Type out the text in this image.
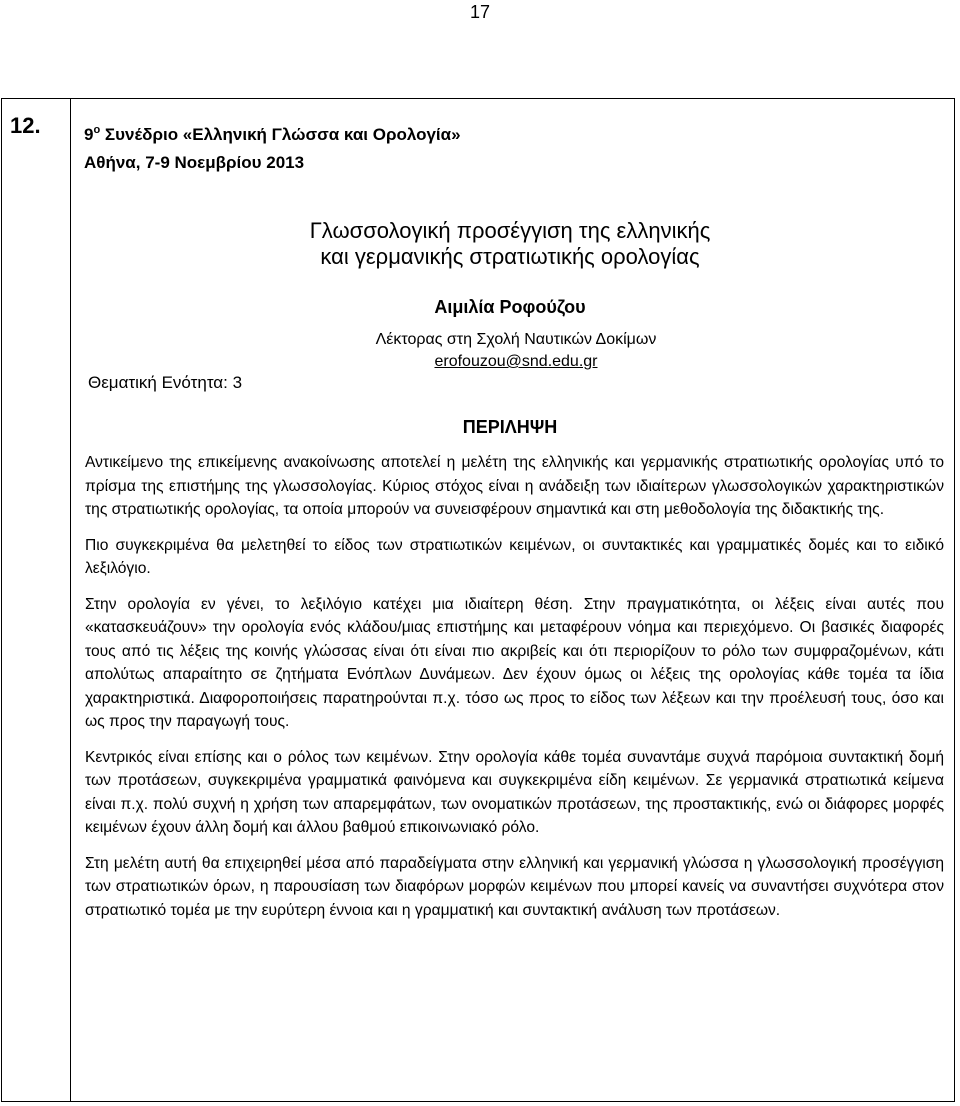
17
12.	$9^o$ Συνέδριο «Ελληνική Γλώσσα και Ορολογία»
Αθήνα, 7-9 Νοεμβρίου 2013
Γλωσσολογική προσέγγιση της ελληνικής
και γερμανικής στρατιωτικής ορολογίας
Αιμιλία Ροφούζου
Λέκτορας στη Σχολή Ναυτικών Δοκίμων
erofouzou@snd.edu.gr
Θεματική Ενότητα: 3
ΠΕΡΙΛΗΨΗ

Αντικείμενο της επικείμενης ανακοίνωσης αποτελεί η μελέτη της ελληνικής και γερμανικής στρατιωτικής ορολογίας υπό το πρίσμα της επιστήμης της γλωσσολογίας. Κύριος στόχος είναι η ανάδειξη των ιδιαίτερων γλωσσολογικών χαρακτηριστικών της στρατιωτικής ορολογίας, τα οποία μπορούν να συνεισφέρουν σημαντικά και στη μεθοδολογία της διδακτικής της.

Πιο συγκεκριμένα θα μελετηθεί το είδος των στρατιωτικών κειμένων, οι συντακτικές και γραμματικές δομές και το ειδικό λεξιλόγιο.

Στην ορολογία εν γένει, το λεξιλόγιο κατέχει μια ιδιαίτερη θέση. Στην πραγματικότητα, οι λέξεις είναι αυτές που «κατασκευάζουν» την ορολογία ενός κλάδου/μιας επιστήμης και μεταφέρουν νόημα και περιεχόμενο. Οι βασικές διαφορές τους από τις λέξεις της κοινής γλώσσας είναι ότι είναι πιο ακριβείς και ότι περιορίζουν το ρόλο των συμφραζομένων, κάτι απολύτως απαραίτητο σε ζητήματα Ενόπλων Δυνάμεων. Δεν έχουν όμως οι λέξεις της ορολογίας κάθε τομέα τα ίδια χαρακτηριστικά. Διαφοροποιήσεις παρατηρούνται π.χ. τόσο ως προς το είδος των λέξεων και την προέλευσή τους, όσο και ως προς την παραγωγή τους.

Κεντρικός είναι επίσης και ο ρόλος των κειμένων. Στην ορολογία κάθε τομέα συναντάμε συχνά παρόμοια συντακτική δομή των προτάσεων, συγκεκριμένα γραμματικά φαινόμενα και συγκεκριμένα είδη κειμένων. Σε γερμανικά στρατιωτικά κείμενα είναι π.χ. πολύ συχνή η χρήση των απαρεμφάτων, των ονοματικών προτάσεων, της προστακτικής, ενώ οι διάφορες μορφές κειμένων έχουν άλλη δομή και άλλου βαθμού επικοινωνιακό ρόλο.

Στη μελέτη αυτή θα επιχειρηθεί μέσα από παραδείγματα στην ελληνική και γερμανική γλώσσα η γλωσσολογική προσέγγιση των στρατιωτικών όρων, η παρουσίαση των διαφόρων μορφών κειμένων που μπορεί κανείς να συναντήσει συχνότερα στον στρατιωτικό τομέα με την ευρύτερη έννοια και η γραμματική και συντακτική ανάλυση των προτάσεων.
